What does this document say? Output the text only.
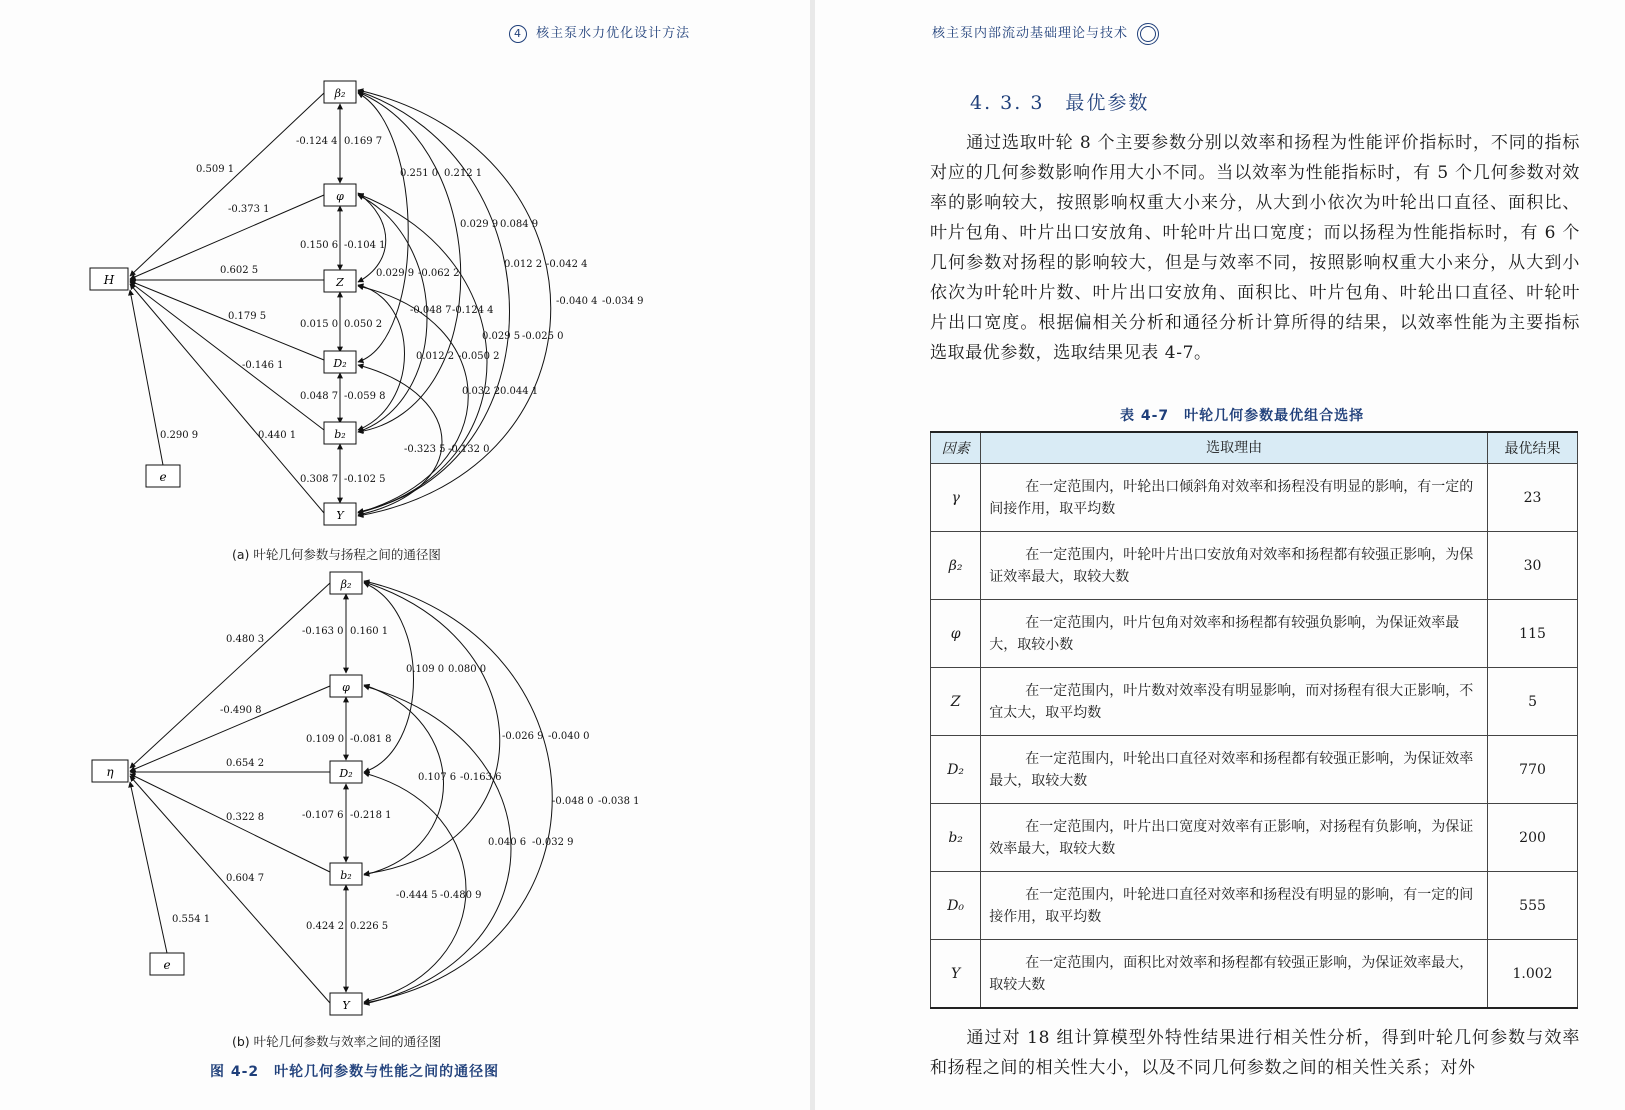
4 核主泵水力优化设计方法
H
e
β₂
φ
Z
D₂
b₂
Y
0.509 1
-0.373 1
0.602 5
0.179 5
-0.146 1
0.440 1
0.290 9
-0.124 4 0.169 7
0.150 6 -0.104 1
0.015 0 0.050 2
0.048 7 -0.059 8
0.308 7 -0.102 5
0.251 0 0.212 1
0.029 9 0.084 9
0.012 2 -0.042 4
-0.040 4 -0.034 9
0.029 9 -0.062 2
-0.048 7 -0.124 4
0.029 5 -0.025 0
0.012 2 -0.050 2
0.032 2 0.044 1
-0.323 5 -0.132 0
η
e
β₂
φ
D₂
b₂
Y
0.480 3
-0.490 8
0.654 2
0.322 8
0.604 7
0.554 1
-0.163 0 0.160 1
0.109 0 -0.081 8
-0.107 6 -0.218 1
0.424 2 0.226 5
0.109 0 0.080 0
-0.026 9 -0.040 0
-0.048 0 -0.038 1
0.107 6 -0.163 6
0.040 6 -0.032 9
-0.444 5 -0.480 9
(a) 叶轮几何参数与扬程之间的通径图
(b) 叶轮几何参数与效率之间的通径图
图 4-2　叶轮几何参数与性能之间的通径图
核主泵内部流动基础理论与技术
4. 3. 3　最优参数
通过选取叶轮 8 个主要参数分别以效率和扬程为性能评价指标时，不同的指标对应的几何参数影响作用大小不同。当以效率为性能指标时，有 5 个几何参数对效率的影响较大，按照影响权重大小来分，从大到小依次为叶轮出口直径、面积比、叶片包角、叶片出口安放角、叶轮叶片出口宽度；而以扬程为性能指标时，有 6 个几何参数对扬程的影响较大，但是与效率不同，按照影响权重大小来分，从大到小依次为叶轮叶片数、叶片出口安放角、面积比、叶片包角、叶轮出口直径、叶轮叶片出口宽度。根据偏相关分析和通径分析计算所得的结果，以效率性能为主要指标选取最优参数，选取结果见表 4-7。
表 4-7　叶轮几何参数最优组合选择
因素	选取理由	最优结果
γ	在一定范围内，叶轮出口倾斜角对效率和扬程没有明显的影响，有一定的间接作用，取平均数	23
β₂	在一定范围内，叶轮叶片出口安放角对效率和扬程都有较强正影响，为保证效率最大，取较大数	30
φ	在一定范围内，叶片包角对效率和扬程都有较强负影响，为保证效率最大，取较小数	115
Z	在一定范围内，叶片数对效率没有明显影响，而对扬程有很大正影响，不宜太大，取平均数	5
D₂	在一定范围内，叶轮出口直径对效率和扬程都有较强正影响，为保证效率最大，取较大数	770
b₂	在一定范围内，叶片出口宽度对效率有正影响，对扬程有负影响，为保证效率最大，取较大数	200
D₀	在一定范围内，叶轮进口直径对效率和扬程没有明显的影响，有一定的间接作用，取平均数	555
Y	在一定范围内，面积比对效率和扬程都有较强正影响，为保证效率最大，取较大数	1.002
通过对 18 组计算模型外特性结果进行相关性分析，得到叶轮几何参数与效率和扬程之间的相关性大小，以及不同几何参数之间的相关性关系；对外
